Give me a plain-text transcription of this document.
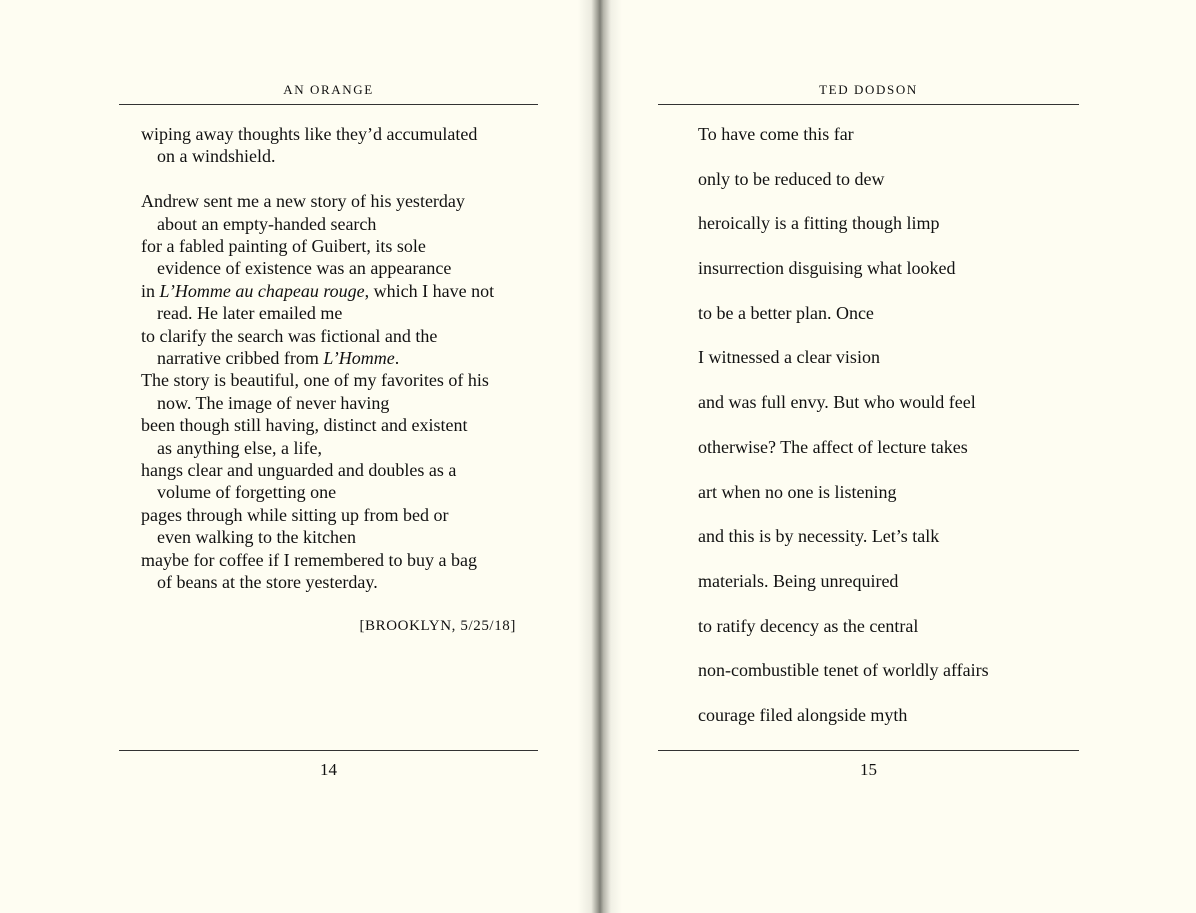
AN ORANGE
wiping away thoughts like they’d accumulated
on a windshield.
Andrew sent me a new story of his yesterday
about an empty-handed search
for a fabled painting of Guibert, its sole
evidence of existence was an appearance
in L’Homme au chapeau rouge, which I have not
read. He later emailed me
to clarify the search was fictional and the
narrative cribbed from L’Homme.
The story is beautiful, one of my favorites of his
now. The image of never having
been though still having, distinct and existent
as anything else, a life,
hangs clear and unguarded and doubles as a
volume of forgetting one
pages through while sitting up from bed or
even walking to the kitchen
maybe for coffee if I remembered to buy a bag
of beans at the store yesterday.
[BROOKLYN, 5/25/18]
14
TED DODSON
To have come this far
only to be reduced to dew
heroically is a fitting though limp
insurrection disguising what looked
to be a better plan. Once
I witnessed a clear vision
and was full envy. But who would feel
otherwise? The affect of lecture takes
art when no one is listening
and this is by necessity. Let’s talk
materials. Being unrequired
to ratify decency as the central
non-combustible tenet of worldly affairs
courage filed alongside myth
15
